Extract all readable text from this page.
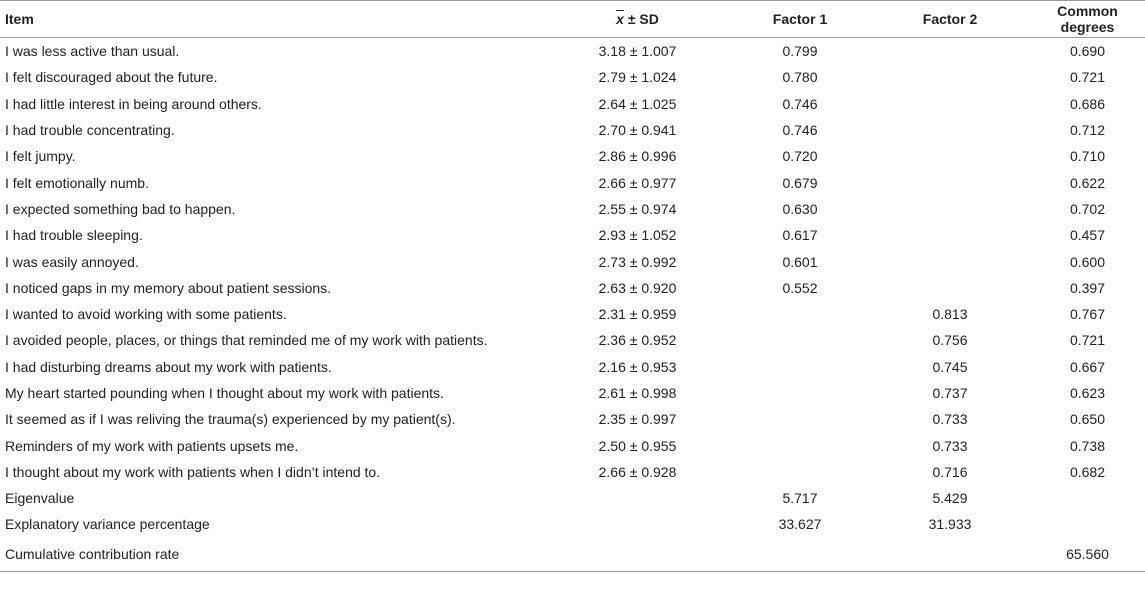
Item	$\overline{x}$ ± SD	Factor 1	Factor 2	Common degrees
I was less active than usual.	3.18 ± 1.007	0.799		0.690
I felt discouraged about the future.	2.79 ± 1.024	0.780		0.721
I had little interest in being around others.	2.64 ± 1.025	0.746		0.686
I had trouble concentrating.	2.70 ± 0.941	0.746		0.712
I felt jumpy.	2.86 ± 0.996	0.720		0.710
I felt emotionally numb.	2.66 ± 0.977	0.679		0.622
I expected something bad to happen.	2.55 ± 0.974	0.630		0.702
I had trouble sleeping.	2.93 ± 1.052	0.617		0.457
I was easily annoyed.	2.73 ± 0.992	0.601		0.600
I noticed gaps in my memory about patient sessions.	2.63 ± 0.920	0.552		0.397
I wanted to avoid working with some patients.	2.31 ± 0.959		0.813	0.767
I avoided people, places, or things that reminded me of my work with patients.	2.36 ± 0.952		0.756	0.721
I had disturbing dreams about my work with patients.	2.16 ± 0.953		0.745	0.667
My heart started pounding when I thought about my work with patients.	2.61 ± 0.998		0.737	0.623
It seemed as if I was reliving the trauma(s) experienced by my patient(s).	2.35 ± 0.997		0.733	0.650
Reminders of my work with patients upsets me.	2.50 ± 0.955		0.733	0.738
I thought about my work with patients when I didn’t intend to.	2.66 ± 0.928		0.716	0.682
Eigenvalue		5.717	5.429	
Explanatory variance percentage		33.627	31.933	
Cumulative contribution rate				65.560
